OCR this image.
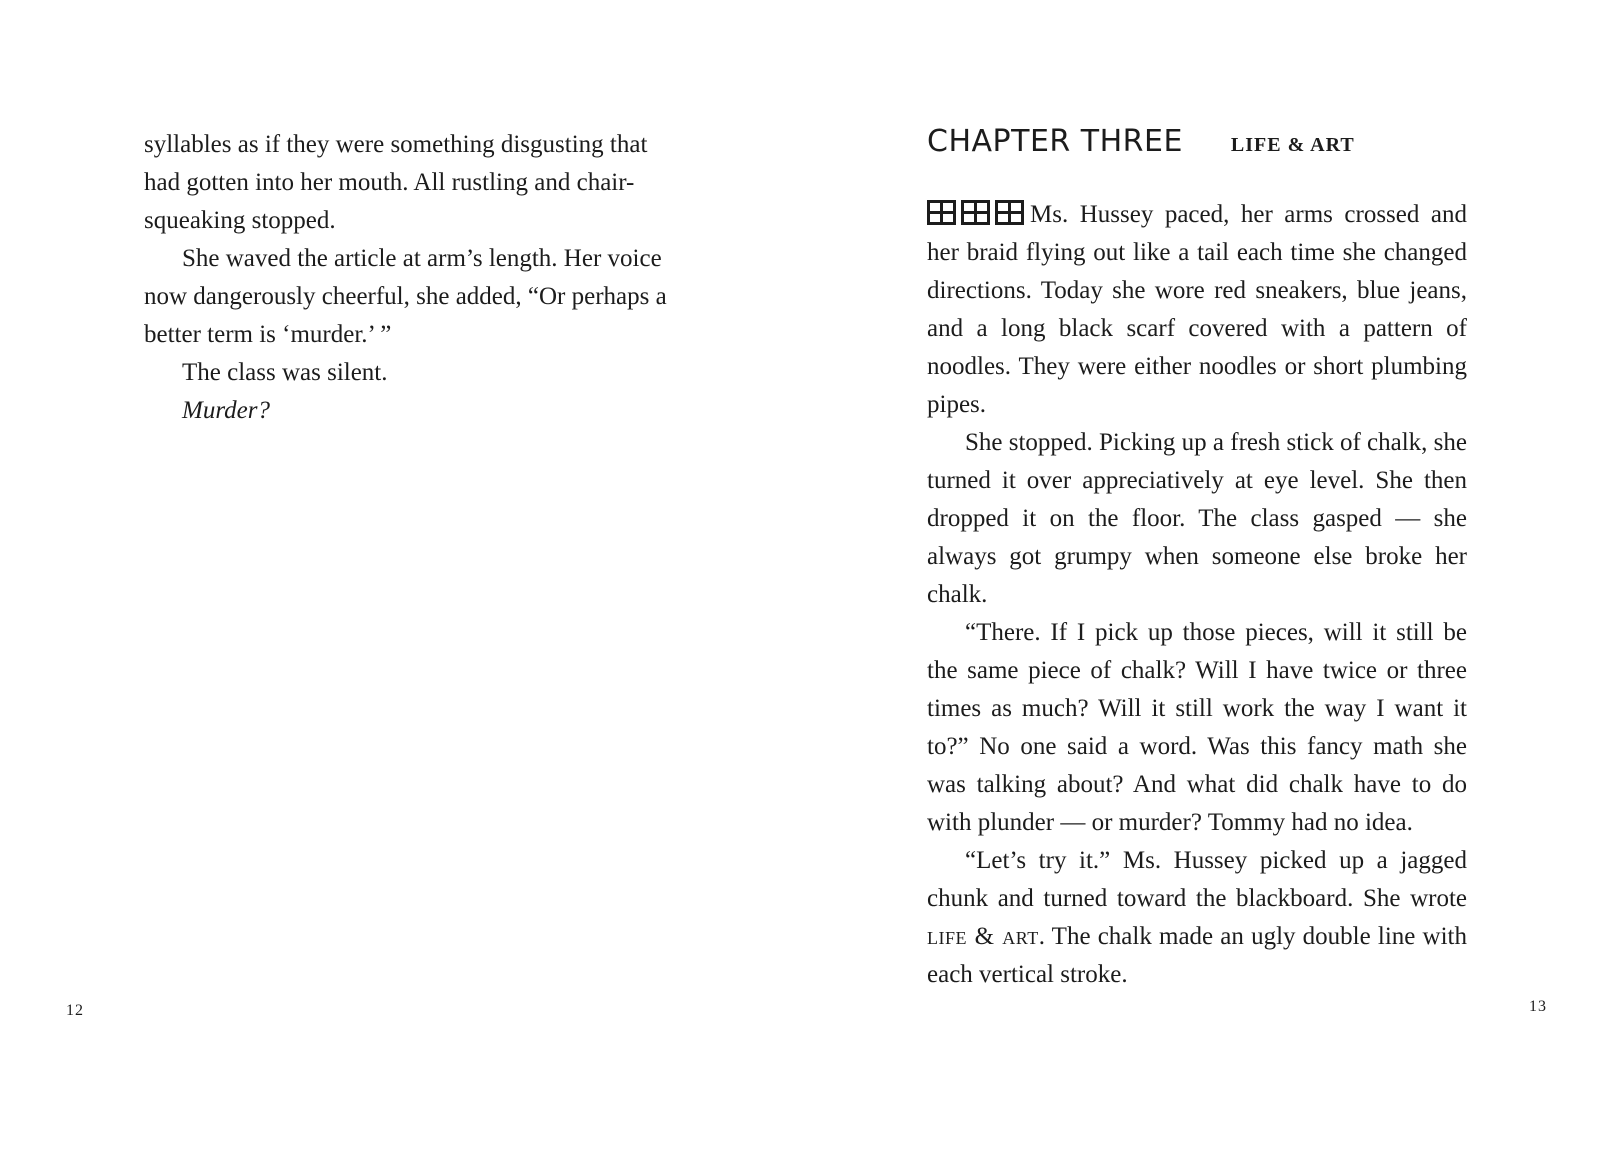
syllables as if they were something disgusting that had gotten into her mouth. All rustling and chair-squeaking stopped.

She waved the article at arm’s length. Her voice now dangerously cheerful, she added, “Or perhaps a better term is ‘murder.’ ”

The class was silent.

Murder?

12
CHAPTER THREE LIFE & ART

Ms. Hussey paced, her arms crossed and her braid flying out like a tail each time she changed directions. Today she wore red sneakers, blue jeans, and a long black scarf covered with a pattern of noodles. They were either noodles or short plumbing pipes.

She stopped. Picking up a fresh stick of chalk, she turned it over appreciatively at eye level. She then dropped it on the floor. The class gasped — she always got grumpy when someone else broke her chalk.

“There. If I pick up those pieces, will it still be the same piece of chalk? Will I have twice or three times as much? Will it still work the way I want it to?” No one said a word. Was this fancy math she was talking about? And what did chalk have to do with plunder — or murder? Tommy had no idea.

“Let’s try it.” Ms. Hussey picked up a jagged chunk and turned toward the blackboard. She wrote life & art. The chalk made an ugly double line with each vertical stroke.

13
